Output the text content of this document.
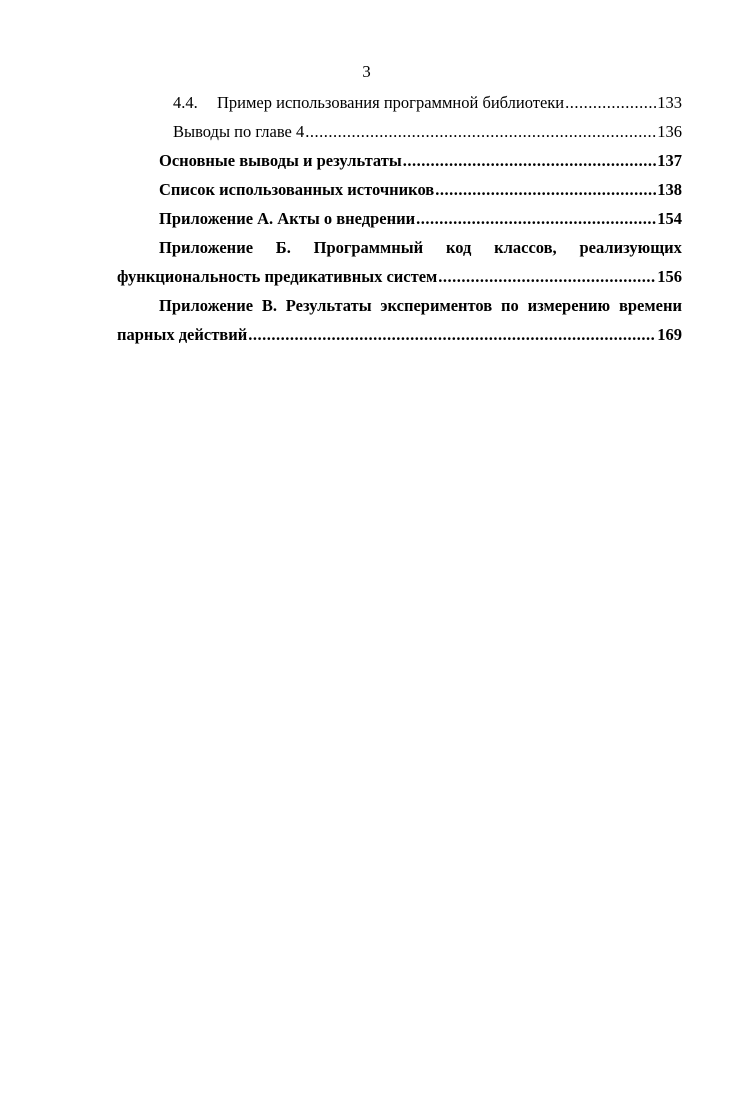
3
4.4. Пример использования программной библиотеки .....	133
Выводы по главе 4 .....	136
Основные выводы и результаты .....	137
Список использованных источников .....	138
Приложение А. Акты о внедрении .....	154
Приложение Б. Программный код классов, реализующих
функциональность предикативных систем .....	156
Приложение В. Результаты экспериментов по измерению времени
парных действий .....	169
